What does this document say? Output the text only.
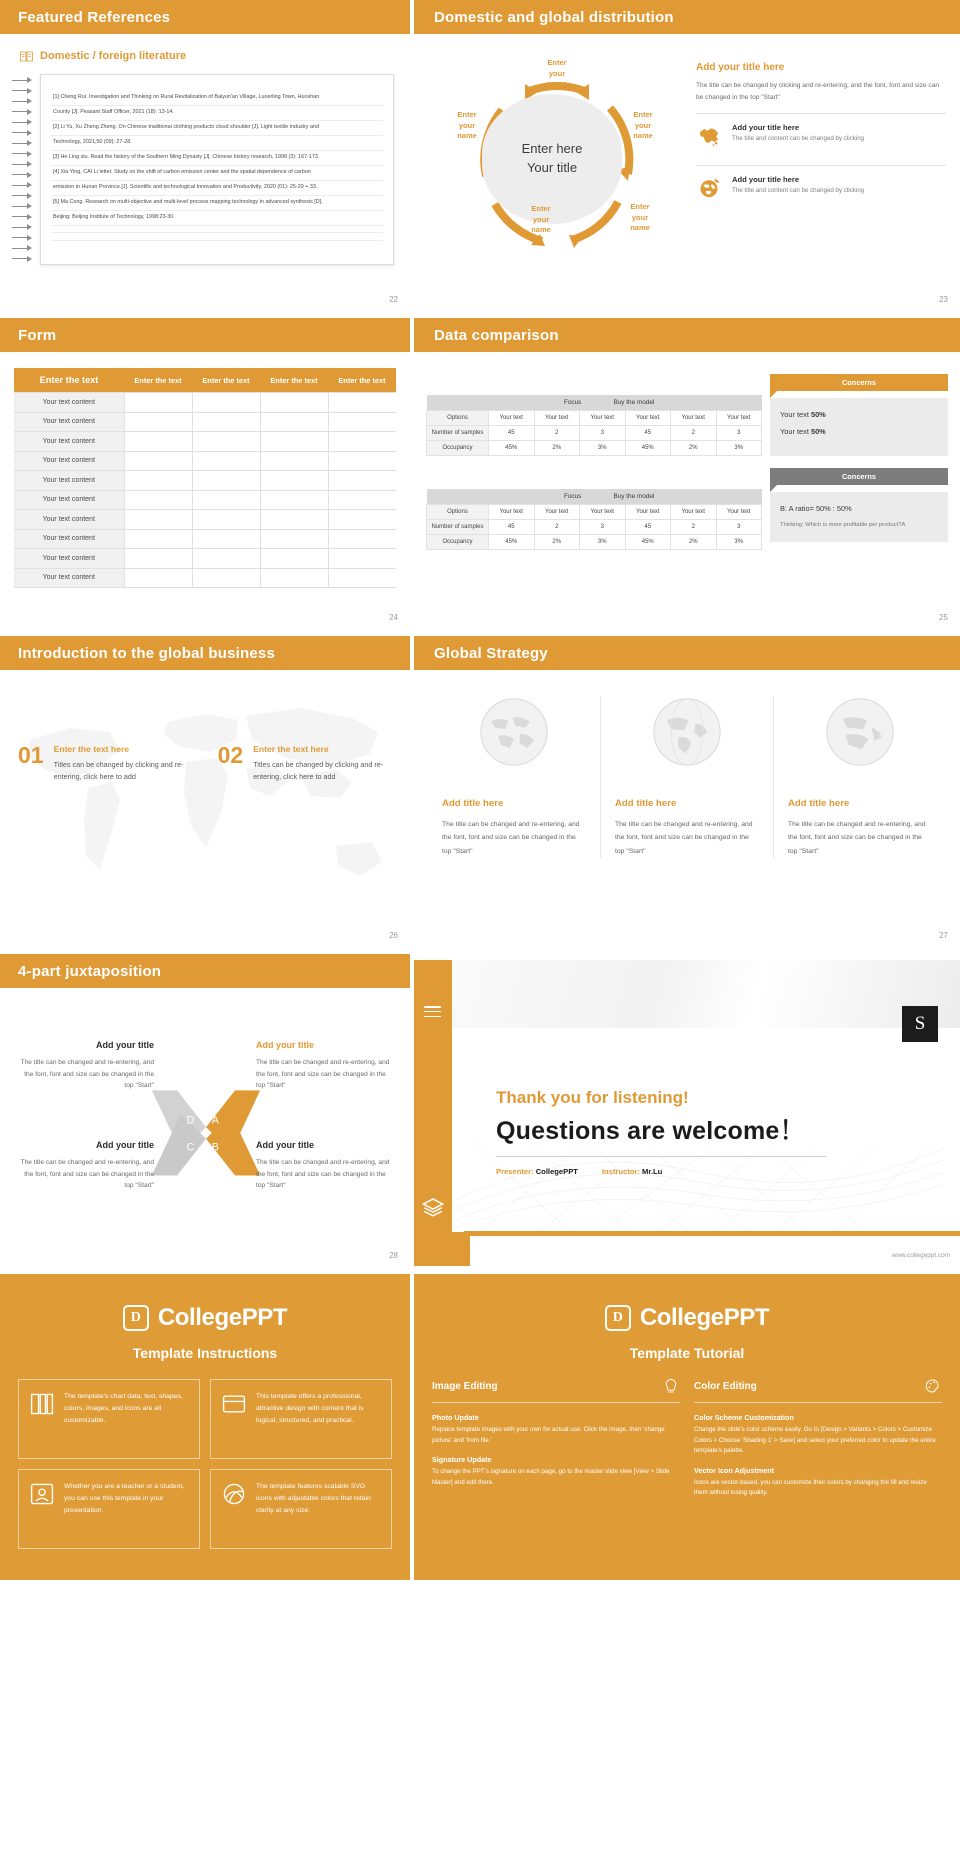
Featured References
Domestic / foreign literature
[1] Cheng Rui. Investigation and Thinking on Rural Revitalization of Baiyun'an Village, Luoerling Town, Huoshan
County [J]. Peasant Staff Officer, 2021 (18): 13-14.
[2] Li Yu, Xu Zheng Zheng. On Chinese traditional clothing products cloud shoulder [J]. Light textile industry and
Technology, 2021,50 (09): 27-28.
[3] He Ling xiu. Read the history of the Southern Ming Dynasty [J]. Chinese history research, 1998 (3): 167-173.
[4] Xia Ying, CAI Li letter. Study on the shift of carbon emission center and the spatial dependence of carbon
emission in Hunan Province [J]. Scientific and technological Innovation and Productivity, 2020 (01): 25-29 + 33.
[5] Ma Cong. Research on multi-objective and multi-level process mapping technology in advanced synthesis [D].
Beijing: Beijing Institute of Technology, 1998:23-30.
22
Domestic and global distribution
Enter here
Your title
Enter
your
name
Enter
your
name
Enter
your
name
Enter
your
name
Enter
your
name
Add your title here
The title can be changed by clicking and re-entering, and the font, font and size can be changed in the top "Start"
Add your title here

The title and content can be changed by clicking

Add your title here

The title and content can be changed by clicking

23
Form
Enter the text	Enter the text	Enter the text	Enter the text	Enter the text
Your text content				
Your text content				
Your text content				
Your text content				
Your text content				
Your text content				
Your text content				
Your text content				
Your text content				
Your text content				
24
Data comparison
Your text Number of samples：100						
Focus Buy the model						
Options	Your text	Your text	Your text	Your text	Your text	Your text
Number of samples	45	2	3	45	2	3
Occupancy	45%	2%	3%	45%	2%	3%
Your text Number of samples：100						
Focus Buy the model						
Options	Your text	Your text	Your text	Your text	Your text	Your text
Number of samples	45	2	3	45	2	3
Occupancy	45%	2%	3%	45%	2%	3%
Concerns
Your text 50%
Your text 50%
Concerns
B: A ratio= 50% : 50%
Thinking: Which is more profitable per product?A
25
Introduction to the global business
01 Enter the text here

Titles can be changed by clicking and re-entering, click here to add

02 Enter the text here

Titles can be changed by clicking and re-entering, click here to add

26
Global Strategy
Add title here

The title can be changed and re-entering, and the font, font and size can be changed in the top "Start"

Add title here

The title can be changed and re-entering, and the font, font and size can be changed in the top "Start"

Add title here

The title can be changed and re-entering, and the font, font and size can be changed in the top "Start"

27
4-part juxtaposition
D A
C B
Add your title

The title can be changed and re-entering, and the font, font and size can be changed in the top "Start"

Add your title

The title can be changed and re-entering, and the font, font and size can be changed in the top "Start"

Add your title

The title can be changed and re-entering, and the font, font and size can be changed in the top "Start"

Add your title

The title can be changed and re-entering, and the font, font and size can be changed in the top "Start"

28
S
Thank you for listening!
Questions are welcome！
Presenter: CollegePPT	Instructor: Mr.Lu
www.collegeppt.com
D CollegePPT
Template Instructions

The template's chart data, text, shapes, colors, images, and icons are all customizable.

This template offers a professional, attractive design with content that is logical, structured, and practical.

Whether you are a teacher or a student, you can use this template in your presentation.

The template features scalable SVG icons with adjustable colors that retain clarity at any size.

D CollegePPT
Template Tutorial
Image Editing
Photo Update

Replace template images with your own for actual use. Click the image, then 'change picture' and 'from file.'

Signature Update

To change the PPT's signature on each page, go to the master slide view [View > Slide Master] and edit there.

Color Editing
Color Scheme Customization

Change the slide's color scheme easily. Go to [Design > Variants > Colors > Customize Colors > Choose 'Shading 1' > Save] and select your preferred color to update the entire template's palette.

Vector Icon Adjustment

Icons are vector-based, you can customize their colors by changing the fill and resize them without losing quality.
